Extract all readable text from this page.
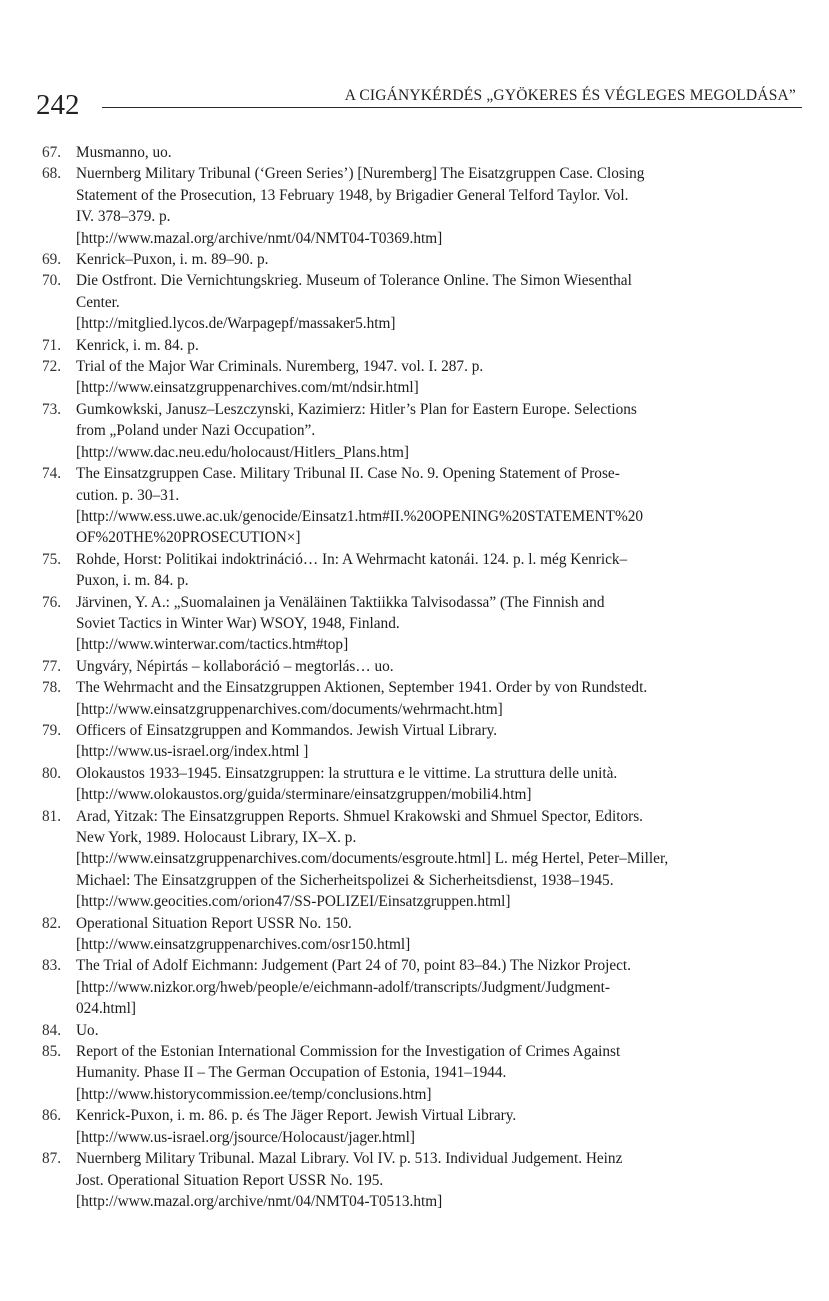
242	A CIGÁNYKÉRDÉS „GYÖKERES ÉS VÉGLEGES MEGOLDÁSA”
67. Musmanno, uo.
68. Nuernberg Military Tribunal (‘Green Series’) [Nuremberg] The Eisatzgruppen Case. Closing
Statement of the Prosecution, 13 February 1948, by Brigadier General Telford Taylor. Vol.
IV. 378–379. p.
[http://www.mazal.org/archive/nmt/04/NMT04-T0369.htm]
69. Kenrick–Puxon, i. m. 89–90. p.
70. Die Ostfront. Die Vernichtungskrieg. Museum of Tolerance Online. The Simon Wiesenthal
Center.
[http://mitglied.lycos.de/Warpagepf/massaker5.htm]
71. Kenrick, i. m. 84. p.
72. Trial of the Major War Criminals. Nuremberg, 1947. vol. I. 287. p.
[http://www.einsatzgruppenarchives.com/mt/ndsir.html]
73. Gumkowkski, Janusz–Leszczynski, Kazimierz: Hitler’s Plan for Eastern Europe. Selections
from „Poland under Nazi Occupation”.
[http://www.dac.neu.edu/holocaust/Hitlers_Plans.htm]
74. The Einsatzgruppen Case. Military Tribunal II. Case No. 9. Opening Statement of Prose-
cution. p. 30–31.
[http://www.ess.uwe.ac.uk/genocide/Einsatz1.htm#II.%20OPENING%20STATEMENT%20
OF%20THE%20PROSECUTION×]
75. Rohde, Horst: Politikai indoktrináció… In: A Wehrmacht katonái. 124. p. l. még Kenrick–
Puxon, i. m. 84. p.
76. Järvinen, Y. A.: „Suomalainen ja Venäläinen Taktiikka Talvisodassa” (The Finnish and
Soviet Tactics in Winter War) WSOY, 1948, Finland.
[http://www.winterwar.com/tactics.htm#top]
77. Ungváry, Népirtás – kollaboráció – megtorlás… uo.
78. The Wehrmacht and the Einsatzgruppen Aktionen, September 1941. Order by von Rundstedt.
[http://www.einsatzgruppenarchives.com/documents/wehrmacht.htm]
79. Officers of Einsatzgruppen and Kommandos. Jewish Virtual Library.
[http://www.us-israel.org/index.html ]
80. Olokaustos 1933–1945. Einsatzgruppen: la struttura e le vittime. La struttura delle unità.
[http://www.olokaustos.org/guida/sterminare/einsatzgruppen/mobili4.htm]
81. Arad, Yitzak: The Einsatzgruppen Reports. Shmuel Krakowski and Shmuel Spector, Editors.
New York, 1989. Holocaust Library, IX–X. p.
[http://www.einsatzgruppenarchives.com/documents/esgroute.html] L. még Hertel, Peter–Miller,
Michael: The Einsatzgruppen of the Sicherheitspolizei & Sicherheitsdienst, 1938–1945.
[http://www.geocities.com/orion47/SS-POLIZEI/Einsatzgruppen.html]
82. Operational Situation Report USSR No. 150.
[http://www.einsatzgruppenarchives.com/osr150.html]
83. The Trial of Adolf Eichmann: Judgement (Part 24 of 70, point 83–84.) The Nizkor Project.
[http://www.nizkor.org/hweb/people/e/eichmann-adolf/transcripts/Judgment/Judgment-
024.html]
84. Uo.
85. Report of the Estonian International Commission for the Investigation of Crimes Against
Humanity. Phase II – The German Occupation of Estonia, 1941–1944.
[http://www.historycommission.ee/temp/conclusions.htm]
86. Kenrick-Puxon, i. m. 86. p. és The Jäger Report. Jewish Virtual Library.
[http://www.us-israel.org/jsource/Holocaust/jager.html]
87. Nuernberg Military Tribunal. Mazal Library. Vol IV. p. 513. Individual Judgement. Heinz
Jost. Operational Situation Report USSR No. 195.
[http://www.mazal.org/archive/nmt/04/NMT04-T0513.htm]
